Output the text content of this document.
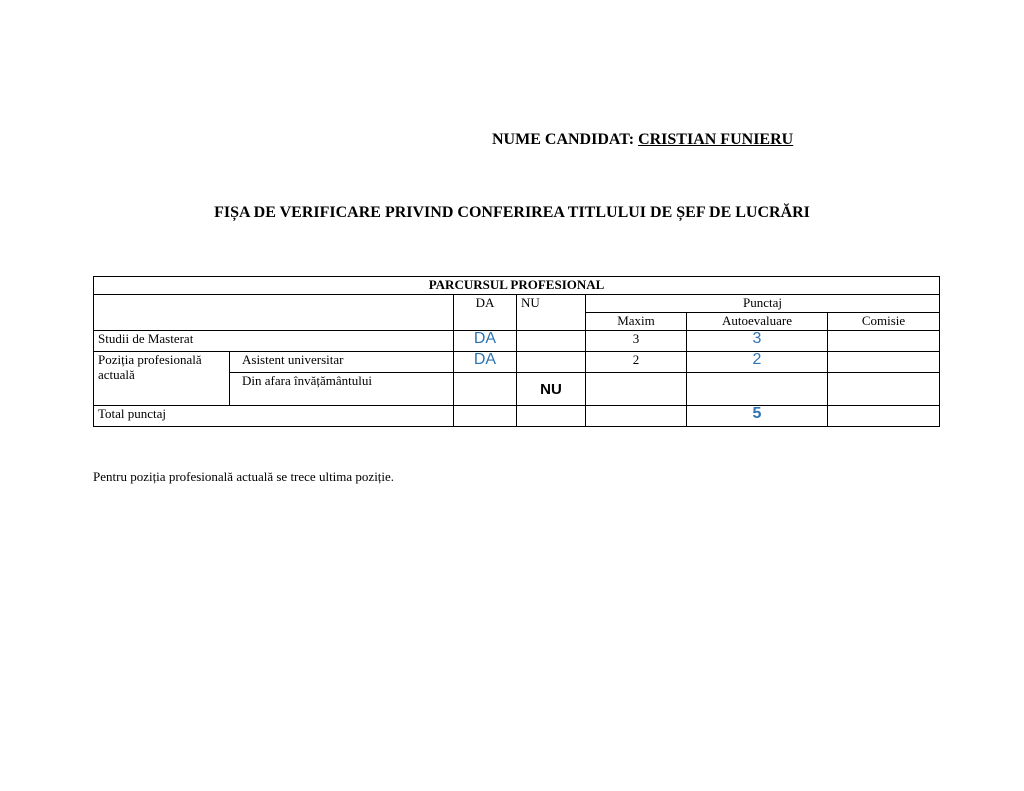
NUME CANDIDAT: CRISTIAN FUNIERU
FIȘA DE VERIFICARE PRIVIND CONFERIREA TITLULUI DE ȘEF DE LUCRĂRI
PARCURSUL PROFESIONAL						
		DA	NU	Punctaj		
				Maxim	Autoevaluare	Comisie
Studii de Masterat		DA		3	3	
Poziția profesională actuală	Asistent universitar	DA		2	2	
	Din afara învățământului		NU			
Total punctaj					5	
Pentru poziția profesională actuală se trece ultima poziție.
